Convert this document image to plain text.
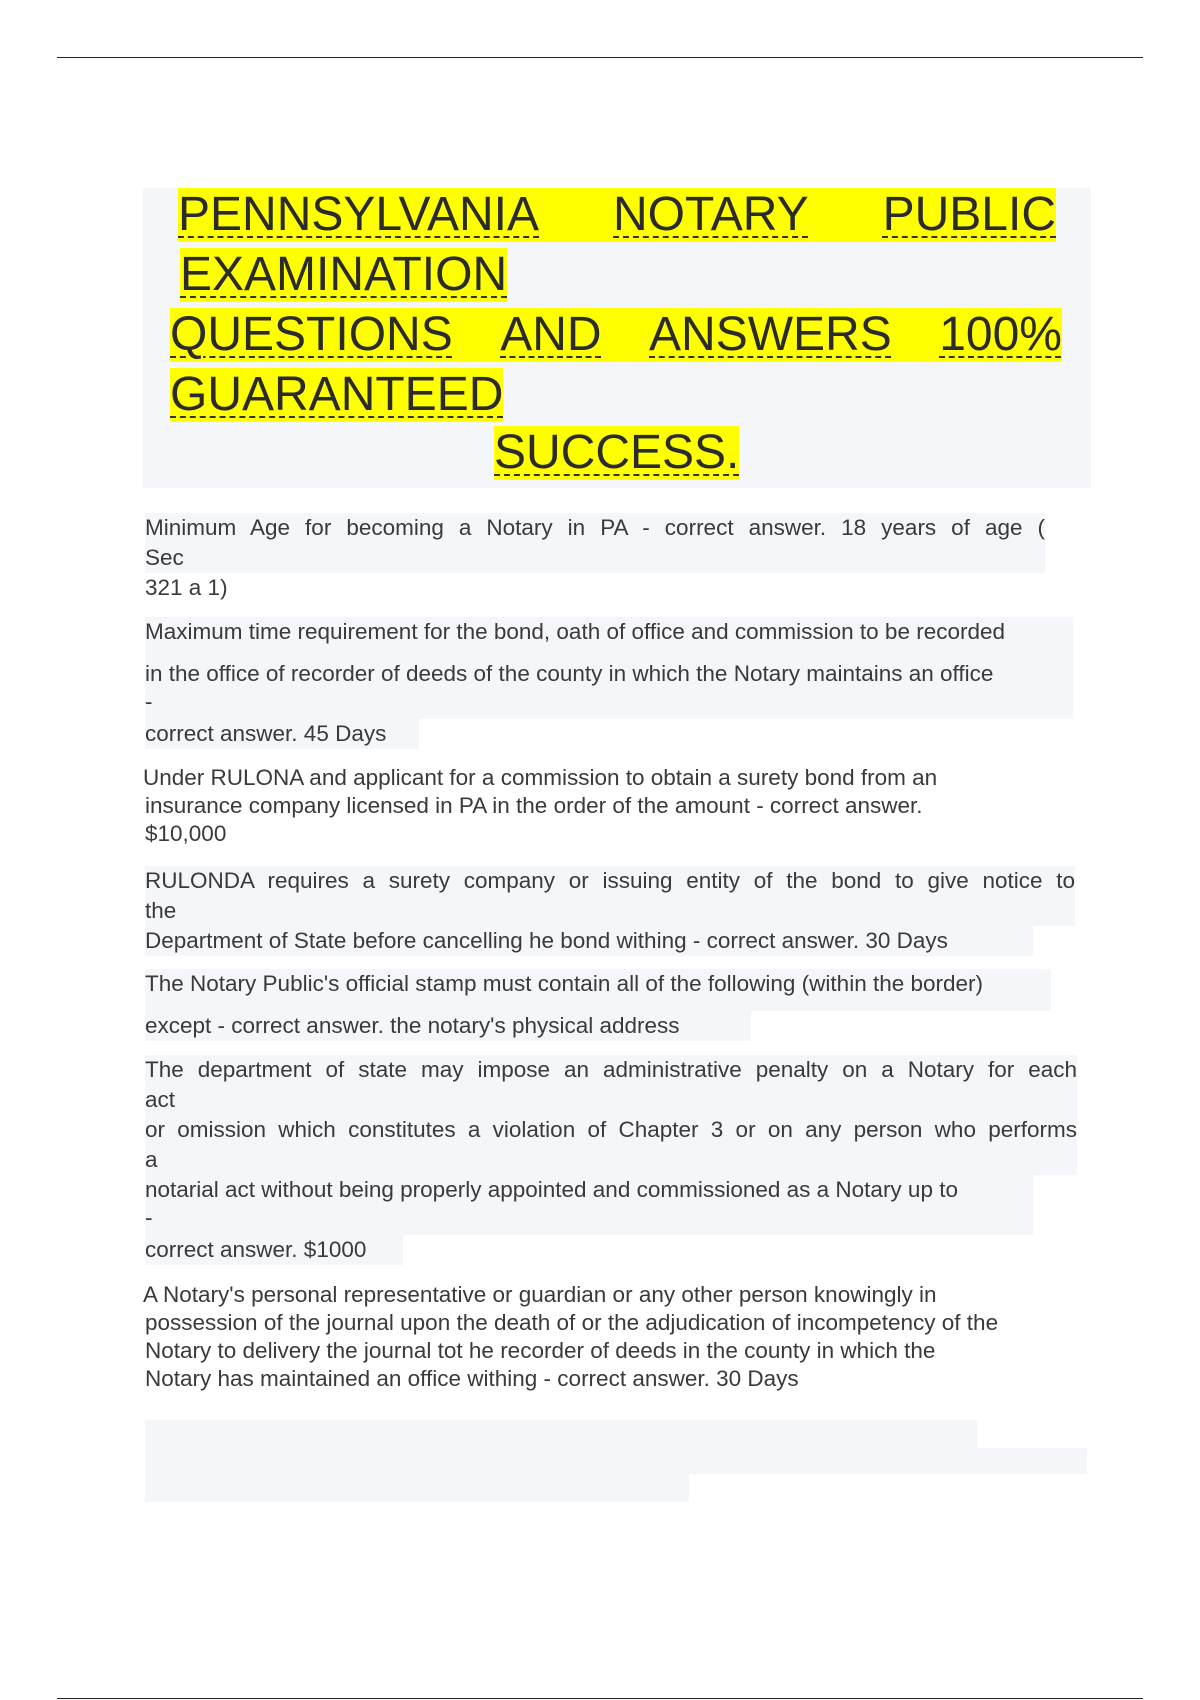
PENNSYLVANIA NOTARY PUBLIC
EXAMINATION
QUESTIONS AND ANSWERS 100%
GUARANTEED
SUCCESS.
Minimum Age for becoming a Notary in PA - correct answer. 18 years of age (
Sec
321 a 1)
Maximum time requirement for the bond, oath of office and commission to be recorded
in the office of recorder of deeds of the county in which the Notary maintains an office
-
correct answer. 45 Days
Under RULONA and applicant for a commission to obtain a surety bond from an
insurance company licensed in PA in the order of the amount - correct answer.
$10,000
RULONDA requires a surety company or issuing entity of the bond to give notice to
the
Department of State before cancelling he bond withing - correct answer. 30 Days
The Notary Public's official stamp must contain all of the following (within the border)
except - correct answer. the notary's physical address
The department of state may impose an administrative penalty on a Notary for each
act
or omission which constitutes a violation of Chapter 3 or on any person who performs
a
notarial act without being properly appointed and commissioned as a Notary up to
-
correct answer. $1000
A Notary's personal representative or guardian or any other person knowingly in
possession of the journal upon the death of or the adjudication of incompetency of the
Notary to delivery the journal tot he recorder of deeds in the county in which the
Notary has maintained an office withing - correct answer. 30 Days
